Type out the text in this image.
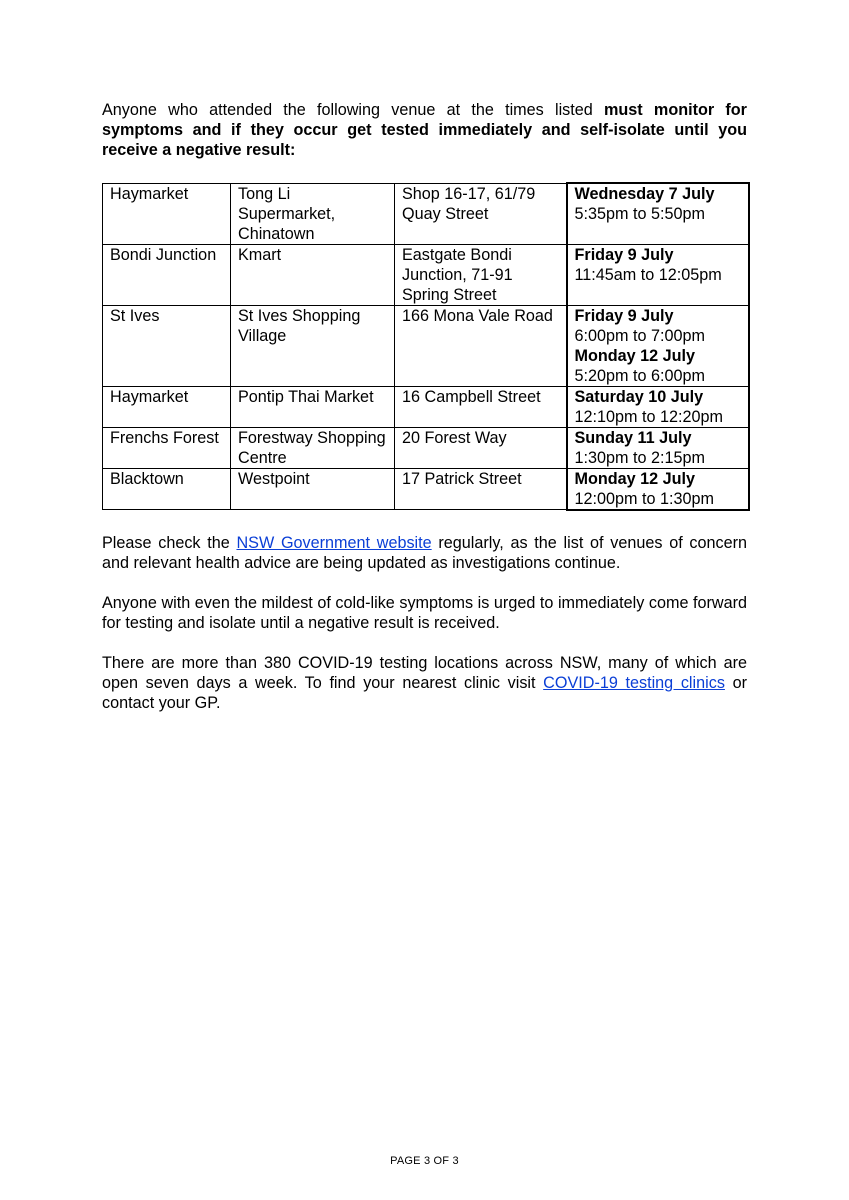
Anyone who attended the following venue at the times listed must monitor for symptoms and if they occur get tested immediately and self-isolate until you receive a negative result:

Haymarket	Tong Li Supermarket, Chinatown	Shop 16-17, 61/79 Quay Street	Wednesday 7 July
5:35pm to 5:50pm

Bondi Junction	Kmart	Eastgate Bondi Junction, 71-91 Spring Street	Friday 9 July
11:45am to 12:05pm

St Ives	St Ives Shopping Village	166 Mona Vale Road	Friday 9 July
6:00pm to 7:00pm
Monday 12 July
5:20pm to 6:00pm

Haymarket	Pontip Thai Market	16 Campbell Street	Saturday 10 July
12:10pm to 12:20pm

Frenchs Forest	Forestway Shopping Centre	20 Forest Way	Sunday 11 July
1:30pm to 2:15pm

Blacktown	Westpoint	17 Patrick Street	Monday 12 July
12:00pm to 1:30pm

Please check the NSW Government website regularly, as the list of venues of concern and relevant health advice are being updated as investigations continue.

Anyone with even the mildest of cold-like symptoms is urged to immediately come forward for testing and isolate until a negative result is received.

There are more than 380 COVID-19 testing locations across NSW, many of which are open seven days a week. To find your nearest clinic visit COVID-19 testing clinics or contact your GP.

PAGE 3 OF 3
